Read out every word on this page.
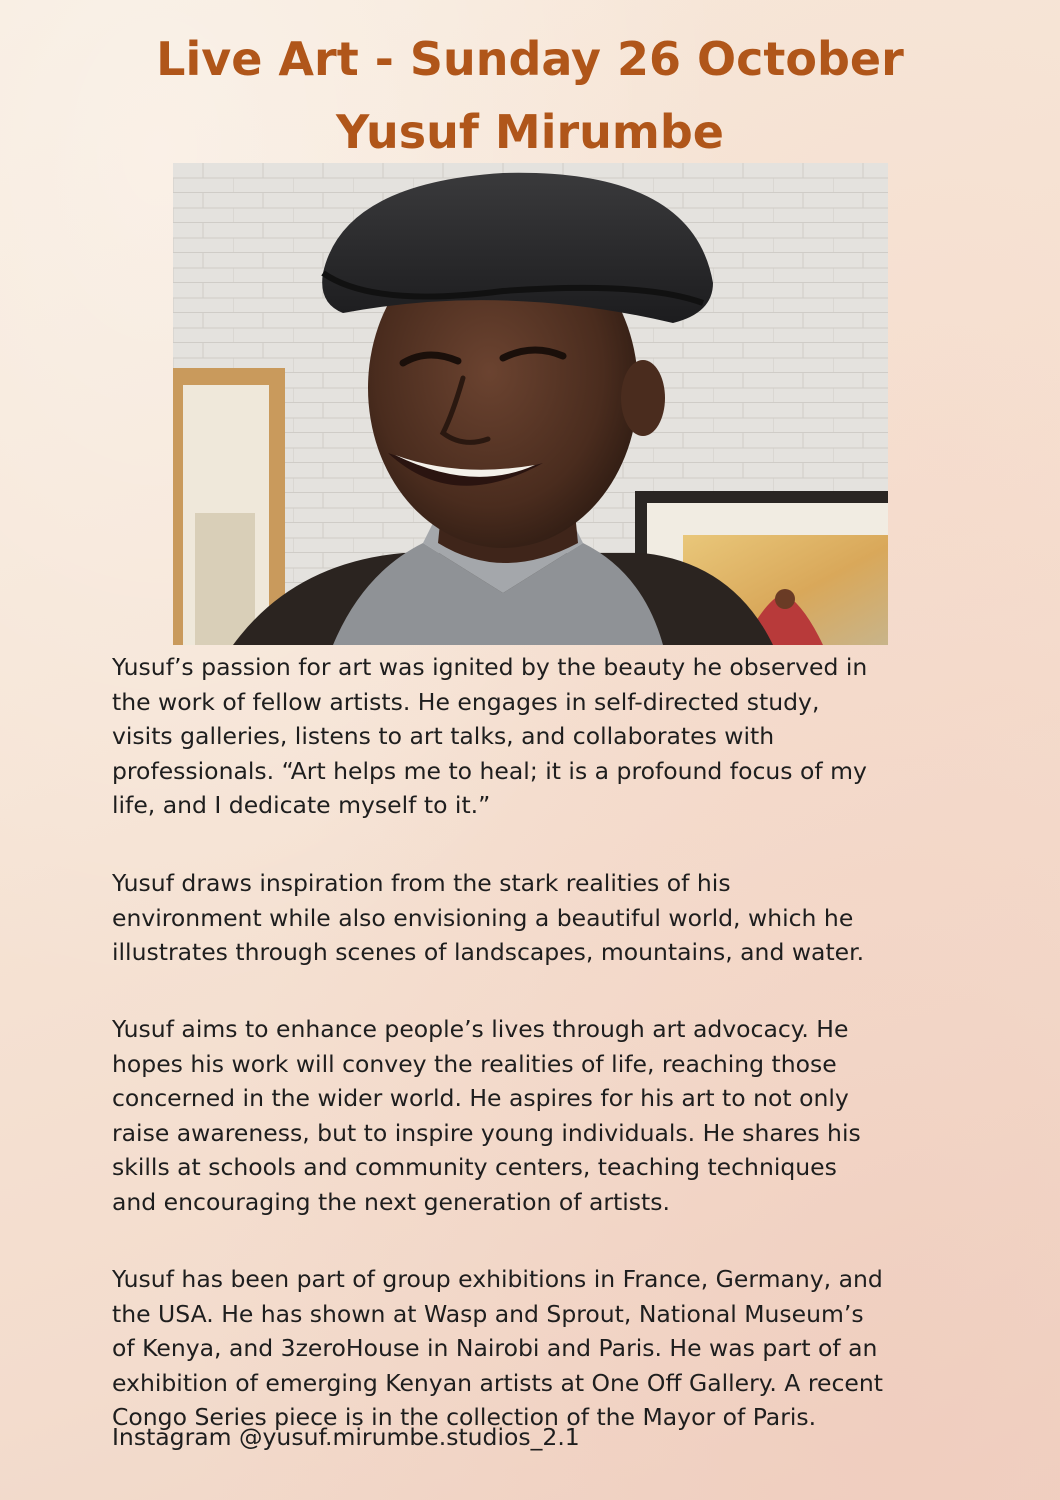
Live Art - Sunday 26 October
Yusuf Mirumbe

Yusuf’s passion for art was ignited by the beauty he observed in
the work of fellow artists. He engages in self-directed study,
visits galleries, listens to art talks, and collaborates with
professionals. “Art helps me to heal; it is a profound focus of my
life, and I dedicate myself to it.”

Yusuf draws inspiration from the stark realities of his
environment while also envisioning a beautiful world, which he
illustrates through scenes of landscapes, mountains, and water.

Yusuf aims to enhance people’s lives through art advocacy. He
hopes his work will convey the realities of life, reaching those
concerned in the wider world. He aspires for his art to not only
raise awareness, but to inspire young individuals. He shares his
skills at schools and community centers, teaching techniques
and encouraging the next generation of artists.

Yusuf has been part of group exhibitions in France, Germany, and
the USA. He has shown at Wasp and Sprout, National Museum’s
of Kenya, and 3zeroHouse in Nairobi and Paris. He was part of an
exhibition of emerging Kenyan artists at One Off Gallery. A recent
Congo Series piece is in the collection of the Mayor of Paris.

Instagram @yusuf.mirumbe.studios_2.1
